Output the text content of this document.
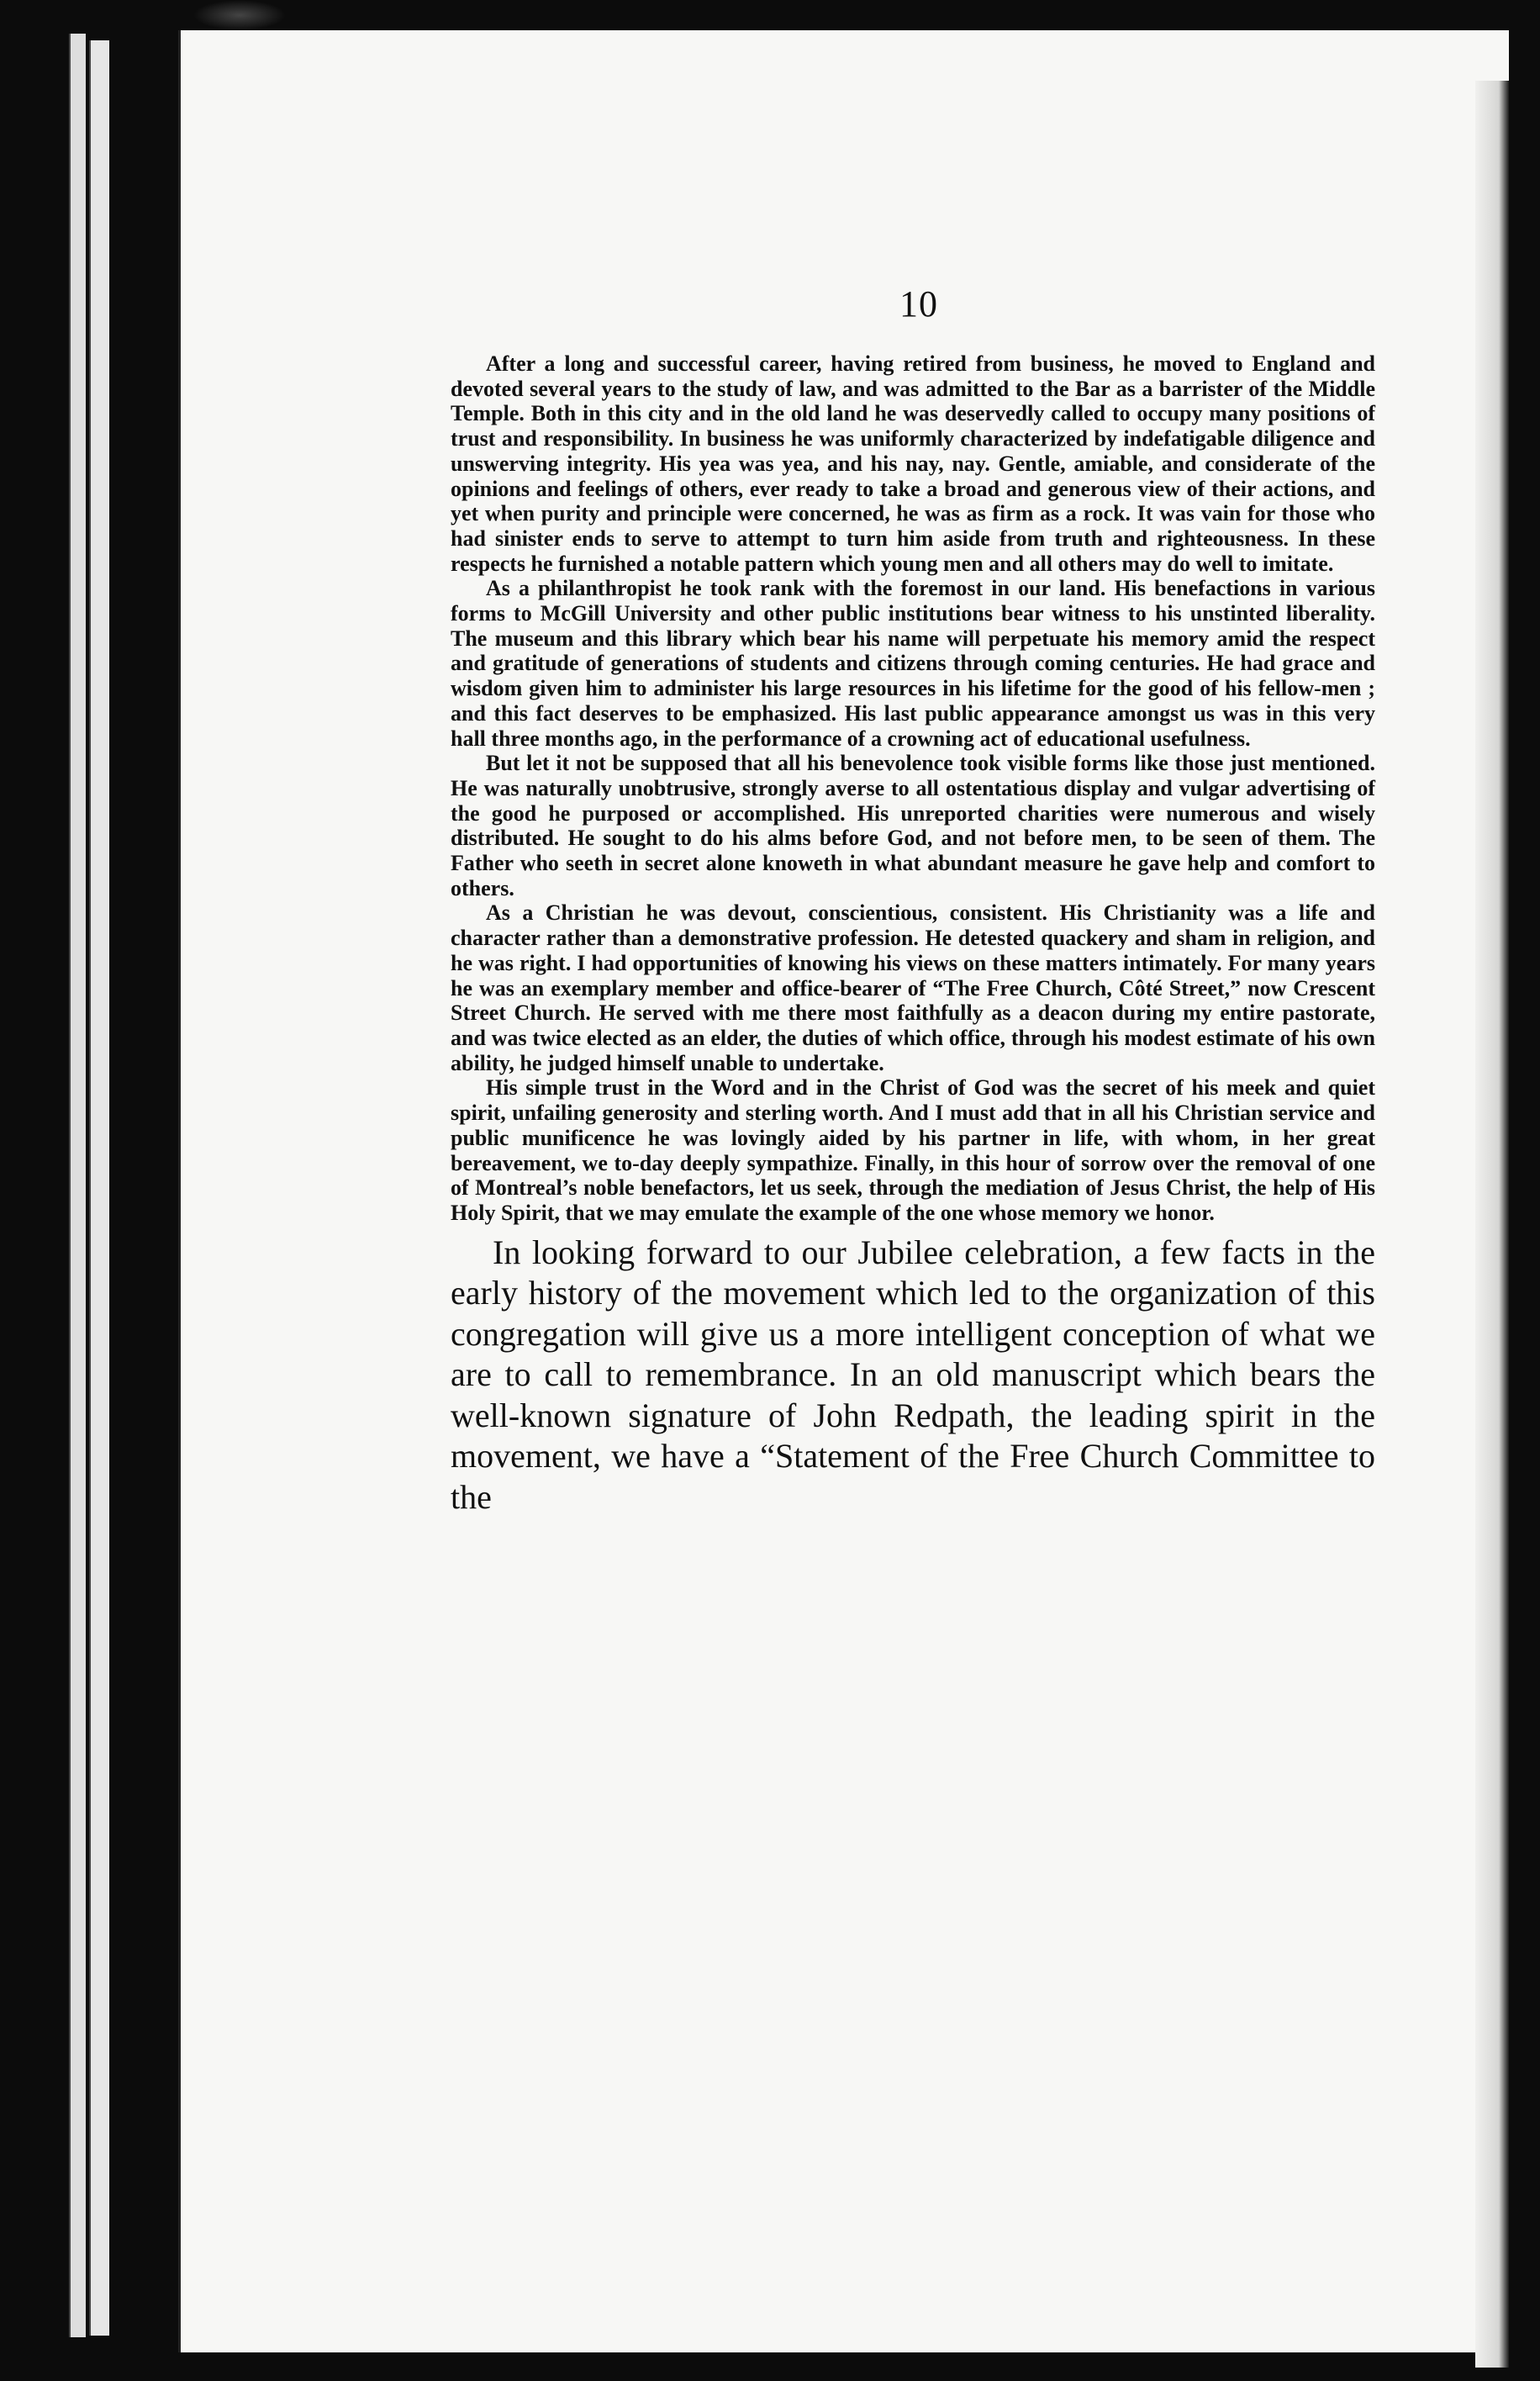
10

After a long and successful career, having retired from business, he moved to England and devoted several years to the study of law, and was admitted to the Bar as a barrister of the Middle Temple. Both in this city and in the old land he was deservedly called to occupy many positions of trust and responsibility. In business he was uniformly characterized by indefatigable diligence and unswerving integrity. His yea was yea, and his nay, nay. Gentle, amiable, and considerate of the opinions and feelings of others, ever ready to take a broad and generous view of their actions, and yet when purity and principle were concerned, he was as firm as a rock. It was vain for those who had sinister ends to serve to attempt to turn him aside from truth and righteousness. In these respects he furnished a notable pattern which young men and all others may do well to imitate.

As a philanthropist he took rank with the foremost in our land. His benefactions in various forms to McGill University and other public institutions bear witness to his unstinted liberality. The museum and this library which bear his name will perpetuate his memory amid the respect and gratitude of generations of students and citizens through coming centuries. He had grace and wisdom given him to administer his large resources in his lifetime for the good of his fellow-men ; and this fact deserves to be emphasized. His last public appearance amongst us was in this very hall three months ago, in the performance of a crowning act of educational usefulness.

But let it not be supposed that all his benevolence took visible forms like those just mentioned. He was naturally unobtrusive, strongly averse to all ostentatious display and vulgar advertising of the good he purposed or accomplished. His unreported charities were numerous and wisely distributed. He sought to do his alms before God, and not before men, to be seen of them. The Father who seeth in secret alone knoweth in what abundant measure he gave help and comfort to others.

As a Christian he was devout, conscientious, consistent. His Christianity was a life and character rather than a demonstrative profession. He detested quackery and sham in religion, and he was right. I had opportunities of knowing his views on these matters intimately. For many years he was an exemplary member and office-bearer of “The Free Church, Côté Street,” now Crescent Street Church. He served with me there most faithfully as a deacon during my entire pastorate, and was twice elected as an elder, the duties of which office, through his modest estimate of his own ability, he judged himself unable to undertake.

His simple trust in the Word and in the Christ of God was the secret of his meek and quiet spirit, unfailing generosity and sterling worth. And I must add that in all his Christian service and public munificence he was lovingly aided by his partner in life, with whom, in her great bereavement, we to-day deeply sympathize. Finally, in this hour of sorrow over the removal of one of Montreal’s noble benefactors, let us seek, through the mediation of Jesus Christ, the help of His Holy Spirit, that we may emulate the example of the one whose memory we honor.

In looking forward to our Jubilee celebration, a few facts in the early history of the movement which led to the organization of this congregation will give us a more intelligent conception of what we are to call to remembrance. In an old manuscript which bears the well-known signature of John Redpath, the leading spirit in the movement, we have a “Statement of the Free Church Committee to the
